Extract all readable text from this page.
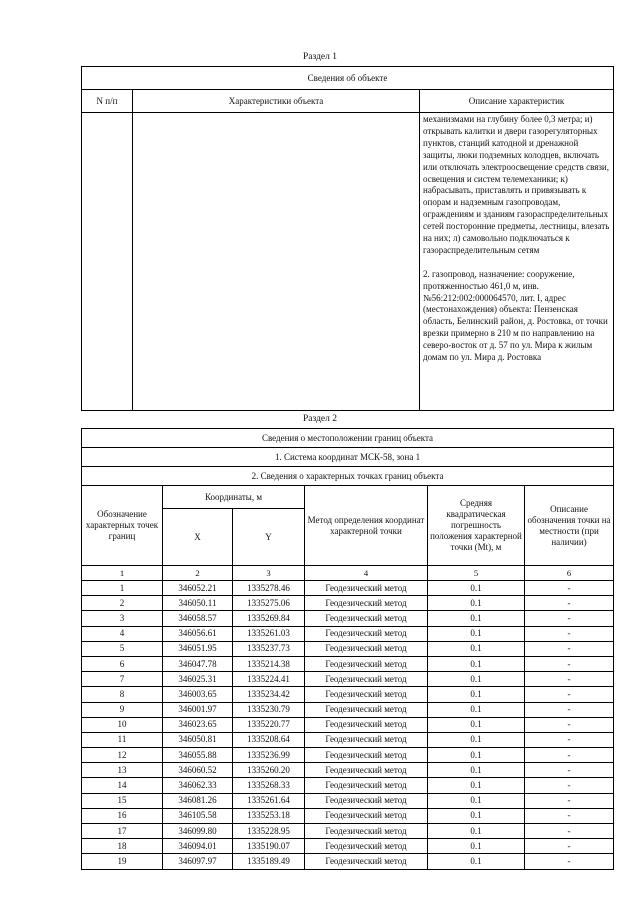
Раздел 1
Сведения об объекте		
N п/п	Характеристики объекта	Описание характеристик

		механизмами на глубину более 0,3 метра; и) открывать калитки и двери газорегуляторных пунктов, станций катодной и дренажной защиты, люки подземных колодцев, включать или отключать электроосвещение средств связи, освещения и систем телемеханики; к) набрасывать, приставлять и привязывать к опорам и надземным газопроводам, ограждениям и зданиям газораспределительных сетей посторонние предметы, лестницы, влезать на них; л) самовольно подключаться к газораспределительным сетям

2. газопровод, назначение: сооружение, протяженностью 461,0 м, инв. №56:212:002:000064570, лит. I, адрес (местонахождения) объекта: Пензенская область, Белинский район, д. Ростовка, от точки врезки примерно в 210 м по направлению на северо-восток от д. 57 по ул. Мира к жилым домам по ул. Мира д. Ростовка

Раздел 2
Сведения о местоположении границ объекта					
1. Система координат МСК-58, зона 1					
2. Сведения о характерных точках границ объекта					
Обозначение характерных точек границ	Координаты, м		Метод определения координат характерной точки	Средняя квадратическая погрешность положения характерной точки (Mt), м	Описание обозначения точки на местности (при наличии)
	X	Y			
1	2	3	4	5	6
1	346052.21	1335278.46	Геодезический метод	0.1	-
2	346050.11	1335275.06	Геодезический метод	0.1	-
3	346058.57	1335269.84	Геодезический метод	0.1	-
4	346056.61	1335261.03	Геодезический метод	0.1	-
5	346051.95	1335237.73	Геодезический метод	0.1	-
6	346047.78	1335214.38	Геодезический метод	0.1	-
7	346025.31	1335224.41	Геодезический метод	0.1	-
8	346003.65	1335234.42	Геодезический метод	0.1	-
9	346001.97	1335230.79	Геодезический метод	0.1	-
10	346023.65	1335220.77	Геодезический метод	0.1	-
11	346050.81	1335208.64	Геодезический метод	0.1	-
12	346055.88	1335236.99	Геодезический метод	0.1	-
13	346060.52	1335260.20	Геодезический метод	0.1	-
14	346062.33	1335268.33	Геодезический метод	0.1	-
15	346081.26	1335261.64	Геодезический метод	0.1	-
16	346105.58	1335253.18	Геодезический метод	0.1	-
17	346099.80	1335228.95	Геодезический метод	0.1	-
18	346094.01	1335190.07	Геодезический метод	0.1	-
19	346097.97	1335189.49	Геодезический метод	0.1	-
